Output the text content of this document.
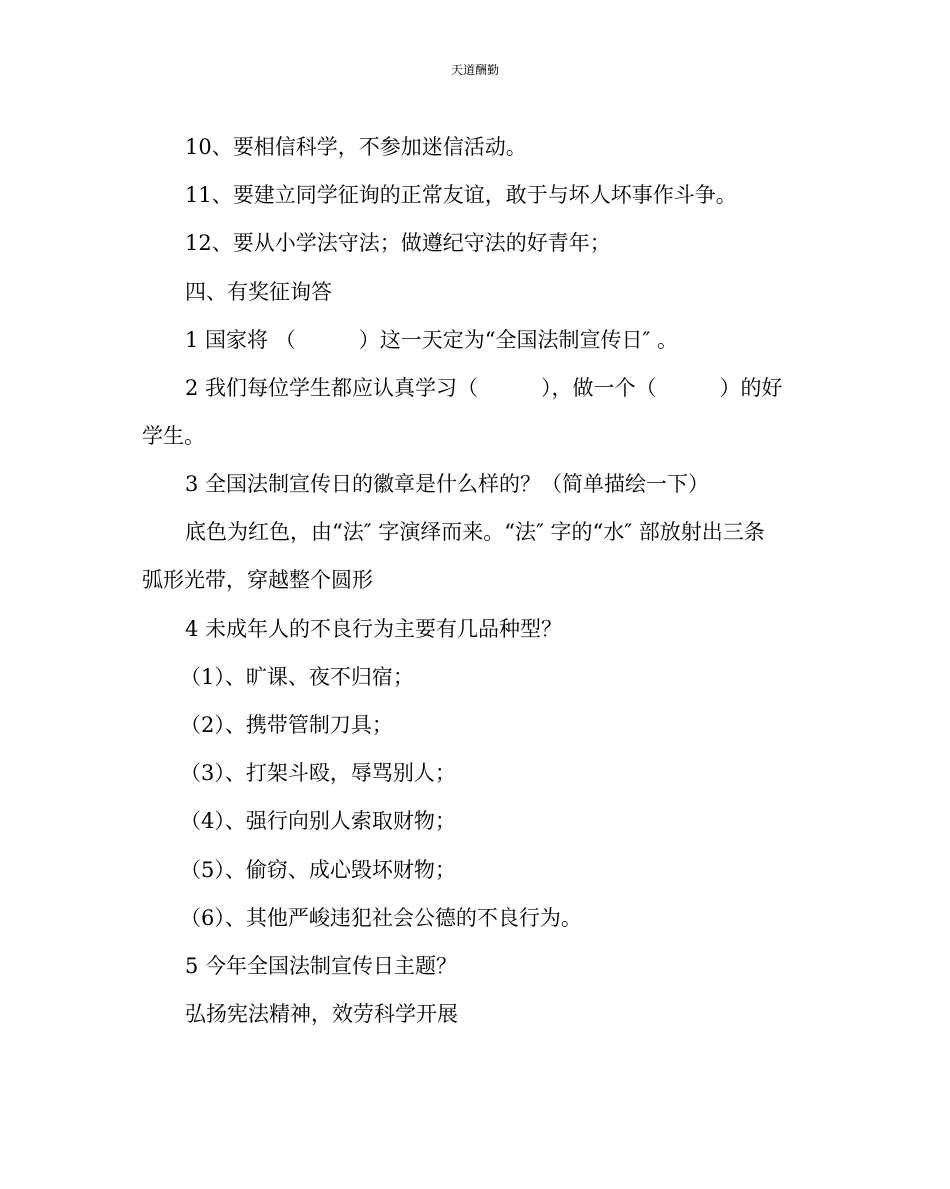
天道酬勤
10、要相信科学，不参加迷信活动。
11、要建立同学征询的正常友谊，敢于与坏人坏事作斗争。
12、要从小学法守法；做遵纪守法的好青年；
四、有奖征询答
1 国家将 （　　　）这一天定为“全国法制宣传日″ 。
2 我们每位学生都应认真学习（　　　），做一个（　　　）的好
学生。
3 全国法制宣传日的徽章是什么样的？（简单描绘一下）
底色为红色，由“法″ 字演绎而来。“法″ 字的“水″ 部放射出三条
弧形光带，穿越整个圆形
4 未成年人的不良行为主要有几品种型？
（1）、旷课、夜不归宿；
（2）、携带管制刀具；
（3）、打架斗殴，辱骂别人；
（4）、强行向别人索取财物；
（5）、偷窃、成心毁坏财物；
（6）、其他严峻违犯社会公德的不良行为。
5 今年全国法制宣传日主题？
弘扬宪法精神，效劳科学开展
